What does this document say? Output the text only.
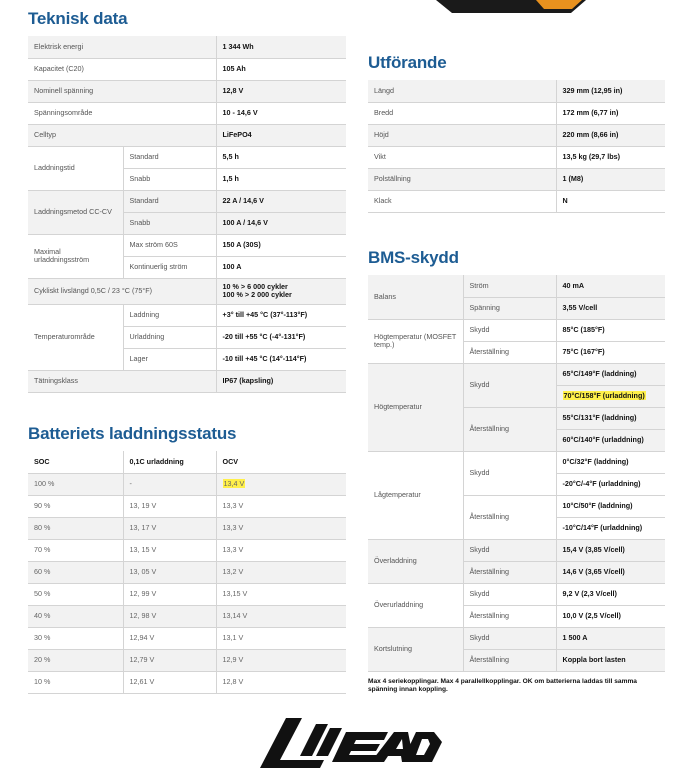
Teknisk data
Elektrisk energi		1 344 Wh
Kapacitet (C20)		105 Ah
Nominell spänning		12,8 V
Spänningsområde		10 - 14,6 V
Celltyp		LiFePO4
Laddningstid	Standard	5,5 h
	Snabb	1,5 h
Laddningsmetod CC-CV	Standard	22 A / 14,6 V
	Snabb	100 A / 14,6 V
Maximal urladdningsström	Max ström 60S	150 A (30S)
	Kontinuerlig ström	100 A
Cykliskt livslängd 0,5C / 23 °C (75°F)		10 % > 6 000 cykler
100 % > 2 000 cykler
Temperaturområde	Laddning	+3° till +45 °C (37°-113°F)
	Urladdning	-20 till +55 °C (-4°-131°F)
	Lager	-10 till +45 °C (14°-114°F)
Tätningsklass		IP67 (kapsling)
Batteriets laddningsstatus
SOC	0,1C urladdning	OCV
100 %	-	13,4 V
90 %	13, 19 V	13,3 V
80 %	13, 17 V	13,3 V
70 %	13, 15 V	13,3 V
60 %	13, 05 V	13,2 V
50 %	12, 99 V	13,15 V
40 %	12, 98 V	13,14 V
30 %	12,94 V	13,1 V
20 %	12,79 V	12,9 V
10 %	12,61 V	12,8 V
Utförande
Längd	329 mm (12,95 in)
Bredd	172 mm (6,77 in)
Höjd	220 mm (8,66 in)
Vikt	13,5 kg (29,7 lbs)
Polställning	1 (M8)
Klack	N
BMS-skydd
Balans	Ström	40 mA
	Spänning	3,55 V/cell
Högtemperatur (MOSFET temp.)	Skydd	85°C (185°F)
	Återställning	75°C (167°F)
Högtemperatur	Skydd	65°C/149°F (laddning)
		70°C/158°F (urladdning)
	Återställning	55°C/131°F (laddning)
		60°C/140°F (urladdning)
Lågtemperatur	Skydd	0°C/32°F (laddning)
		-20°C/-4°F (urladdning)
	Återställning	10°C/50°F (laddning)
		-10°C/14°F (urladdning)
Överladdning	Skydd	15,4 V (3,85 V/cell)
	Återställning	14,6 V (3,65 V/cell)
Överurladdning	Skydd	9,2 V (2,3 V/cell)
	Återställning	10,0 V (2,5 V/cell)
Kortslutning	Skydd	1 500 A
	Återställning	Koppla bort lasten
Max 4 seriekopplingar. Max 4 parallellkopplingar. OK om batterierna laddas till samma spänning innan koppling.
